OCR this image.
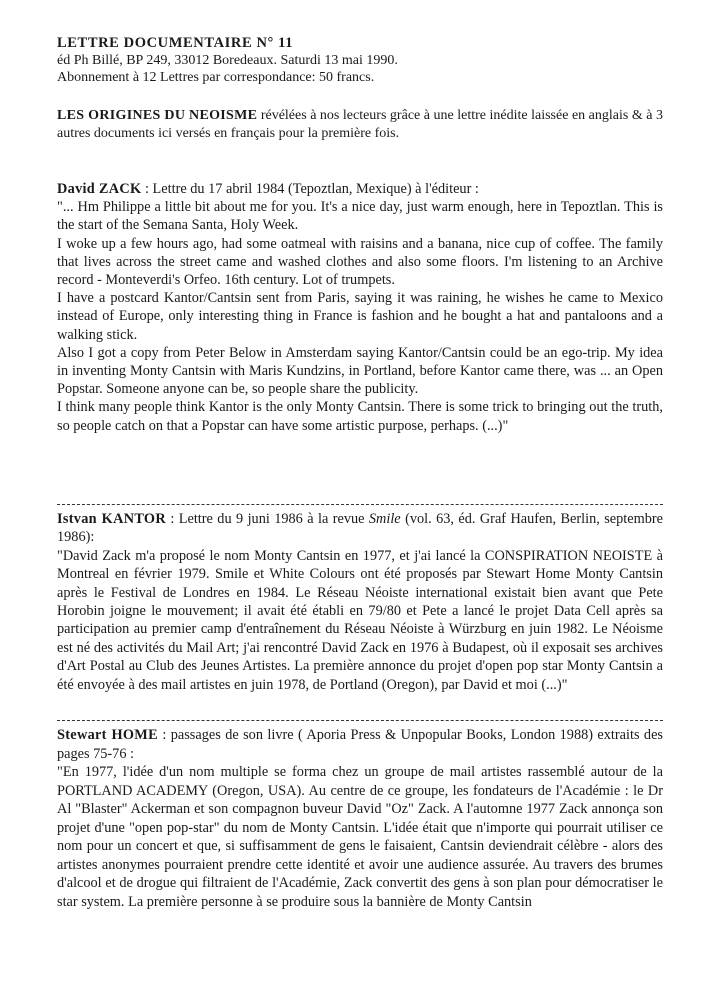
LETTRE DOCUMENTAIRE N° 11
éd Ph Billé, BP 249, 33012 Boredeaux. Saturdi 13 mai 1990.
Abonnement à 12 Lettres par correspondance: 50 francs.

LES ORIGINES DU NEOISME révélées à nos lecteurs grâce à une lettre inédite laissée en anglais & à 3 autres documents ici versés en français pour la première fois.

David ZACK : Lettre du 17 abril 1984 (Tepoztlan, Mexique) à l'éditeur :

"... Hm Philippe a little bit about me for you. It's a nice day, just warm enough, here in Tepoztlan. This is the start of the Semana Santa, Holy Week.

I woke up a few hours ago, had some oatmeal with raisins and a banana, nice cup of coffee. The family that lives across the street came and washed clothes and also some floors. I'm listening to an Archive record - Monteverdi's Orfeo. 16th century. Lot of trumpets.

I have a postcard Kantor/Cantsin sent from Paris, saying it was raining, he wishes he came to Mexico instead of Europe, only interesting thing in France is fashion and he bought a hat and pantaloons and a walking stick.

Also I got a copy from Peter Below in Amsterdam saying Kantor/Cantsin could be an ego-trip. My idea in inventing Monty Cantsin with Maris Kundzins, in Portland, before Kantor came there, was ... an Open Popstar. Someone anyone can be, so people share the publicity.

I think many people think Kantor is the only Monty Cantsin. There is some trick to bringing out the truth, so people catch on that a Popstar can have some artistic purpose, perhaps. (...)"

Istvan KANTOR : Lettre du 9 juni 1986 à la revue Smile (vol. 63, éd. Graf Haufen, Berlin, septembre 1986):

"David Zack m'a proposé le nom Monty Cantsin en 1977, et j'ai lancé la CONSPIRATION NEOISTE à Montreal en février 1979. Smile et White Colours ont été proposés par Stewart Home Monty Cantsin après le Festival de Londres en 1984. Le Réseau Néoiste international existait bien avant que Pete Horobin joigne le mouvement; il avait été établi en 79/80 et Pete a lancé le projet Data Cell après sa participation au premier camp d'entraînement du Réseau Néoiste à Würzburg en juin 1982. Le Néoisme est né des activités du Mail Art; j'ai rencontré David Zack en 1976 à Budapest, où il exposait ses archives d'Art Postal au Club des Jeunes Artistes. La première annonce du projet d'open pop star Monty Cantsin a été envoyée à des mail artistes en juin 1978, de Portland (Oregon), par David et moi (...)"

Stewart HOME : passages de son livre ( Aporia Press & Unpopular Books, London 1988) extraits des pages 75-76 :

"En 1977, l'idée d'un nom multiple se forma chez un groupe de mail artistes rassemblé autour de la PORTLAND ACADEMY (Oregon, USA). Au centre de ce groupe, les fondateurs de l'Académie : le Dr Al "Blaster" Ackerman et son compagnon buveur David "Oz" Zack. A l'automne 1977 Zack annonça son projet d'une "open pop-star" du nom de Monty Cantsin. L'idée était que n'importe qui pourrait utiliser ce nom pour un concert et que, si suffisamment de gens le faisaient, Cantsin deviendrait célèbre - alors des artistes anonymes pourraient prendre cette identité et avoir une audience assurée. Au travers des brumes d'alcool et de drogue qui filtraient de l'Académie, Zack convertit des gens à son plan pour démocratiser le star system. La première personne à se produire sous la bannière de Monty Cantsin
